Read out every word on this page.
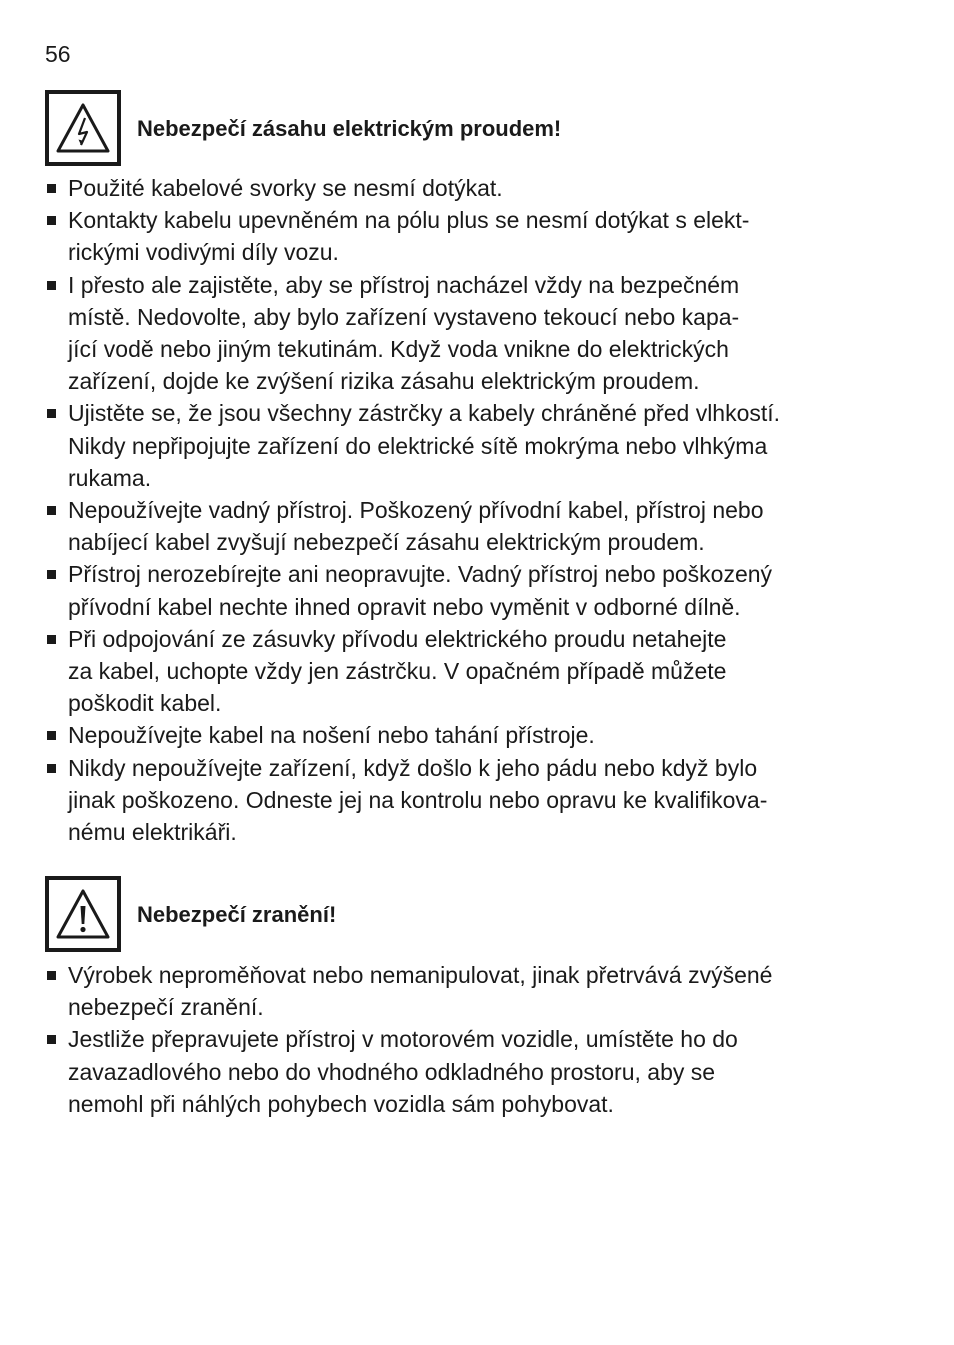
56
Nebezpečí zásahu elektrickým proudem!
Použité kabelové svorky se nesmí dotýkat.
Kontakty kabelu upevněném na pólu plus se nesmí dotýkat s elekt-
rickými vodivými díly vozu.
I přesto ale zajistěte, aby se přístroj nacházel vždy na bezpečném
místě. Nedovolte, aby bylo zařízení vystaveno tekoucí nebo kapa-
jící vodě nebo jiným tekutinám. Když voda vnikne do elektrických
zařízení, dojde ke zvýšení rizika zásahu elektrickým proudem.
Ujistěte se, že jsou všechny zástrčky a kabely chráněné před vlhkostí.
Nikdy nepřipojujte zařízení do elektrické sítě mokrýma nebo vlhkýma
rukama.
Nepoužívejte vadný přístroj. Poškozený přívodní kabel, přístroj nebo
nabíjecí kabel zvyšují nebezpečí zásahu elektrickým proudem.
Přístroj nerozebírejte ani neopravujte. Vadný přístroj nebo poškozený
přívodní kabel nechte ihned opravit nebo vyměnit v odborné dílně.
Při odpojování ze zásuvky přívodu elektrického proudu netahejte
za kabel, uchopte vždy jen zástrčku. V opačném případě můžete
poškodit kabel.
Nepoužívejte kabel na nošení nebo tahání přístroje.
Nikdy nepoužívejte zařízení, když došlo k jeho pádu nebo když bylo
jinak poškozeno. Odneste jej na kontrolu nebo opravu ke kvalifikova-
nému elektrikáři.
Nebezpečí zranění!
Výrobek neproměňovat nebo nemanipulovat, jinak přetrvává zvýšené
nebezpečí zranění.
Jestliže přepravujete přístroj v motorovém vozidle, umístěte ho do
zavazadlového nebo do vhodného odkladného prostoru, aby se
nemohl při náhlých pohybech vozidla sám pohybovat.
